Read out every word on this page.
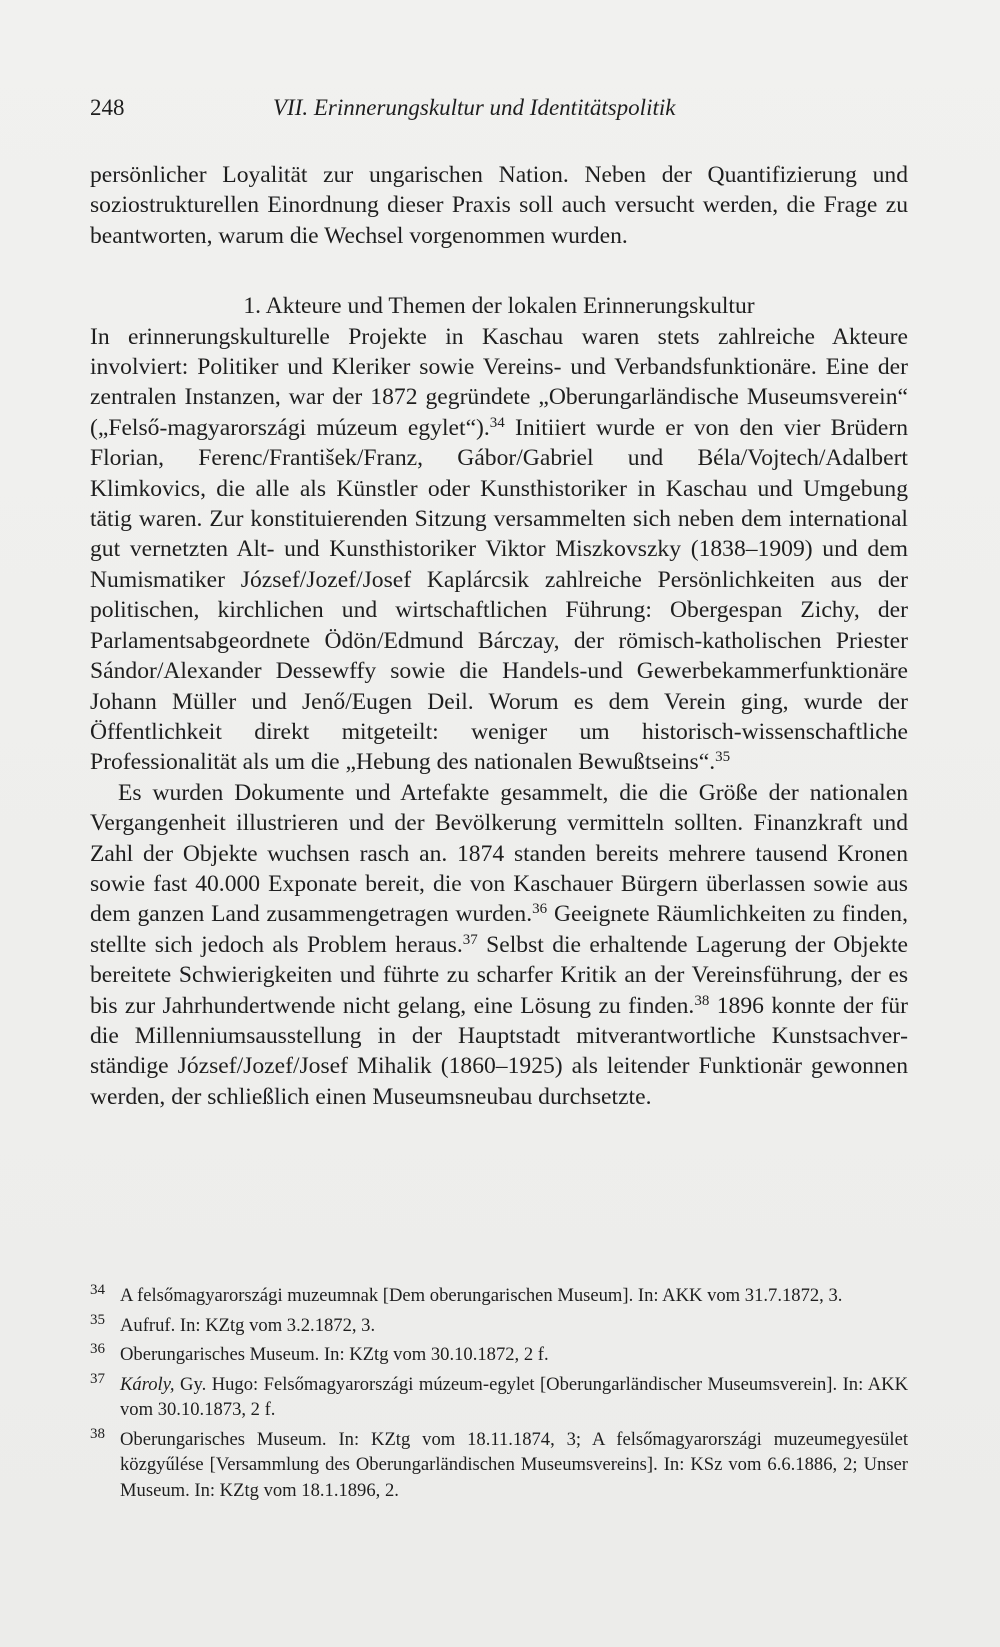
248	VII. Erinnerungskultur und Identitätspolitik

persönlicher Loyalität zur ungarischen Nation. Neben der Quantifizierung und soziostrukturellen Einordnung dieser Praxis soll auch versucht werden, die Frage zu beantworten, warum die Wechsel vorgenommen wurden.

1. Akteure und Themen der lokalen Erinnerungskultur

In erinnerungskulturelle Projekte in Kaschau waren stets zahlreiche Akteure involviert: Politiker und Kleriker sowie Vereins- und Verbandsfunktionäre. Eine der zentralen Instanzen, war der 1872 gegründete „Oberungarländische Museumsverein“ („Felső-magyarországi múzeum egylet“).$^{34}$ Initiiert wurde er von den vier Brüdern Florian, Ferenc/František/Franz, Gábor/Gabriel und Béla/Vojtech/Adalbert Klimkovics, die alle als Künstler oder Kunsthistoriker in Kaschau und Umgebung tätig waren. Zur konstituierenden Sitzung versammelten sich neben dem international gut vernetzten Alt- und Kunsthistoriker Viktor Miszkovszky (1838–1909) und dem Numismatiker József/Jozef/Josef Kaplárcsik zahlreiche Persönlichkeiten aus der politischen, kirchlichen und wirtschaftlichen Führung: Obergespan Zichy, der Parlamentsabgeordnete Ödön/Edmund Bárczay, der römisch-katholischen Priester Sándor/Alexander Dessewffy sowie die Handels-und Gewerbekammerfunktionäre Johann Müller und Jenő/Eugen Deil. Worum es dem Verein ging, wurde der Öffentlichkeit direkt mitgeteilt: weniger um historisch-wissenschaftliche Professionalität als um die „Hebung des nationalen Bewußtseins“.$^{35}$

Es wurden Dokumente und Artefakte gesammelt, die die Größe der nationalen Vergangenheit illustrieren und der Bevölkerung vermitteln sollten. Finanzkraft und Zahl der Objekte wuchsen rasch an. 1874 standen bereits mehrere tausend Kronen sowie fast 40.000 Exponate bereit, die von Kaschauer Bürgern überlassen sowie aus dem ganzen Land zusammengetragen wurden.$^{36}$ Geeignete Räumlichkeiten zu finden, stellte sich jedoch als Problem heraus.$^{37}$ Selbst die erhaltende Lagerung der Objekte bereitete Schwierigkeiten und führte zu scharfer Kritik an der Vereinsführung, der es bis zur Jahrhundertwende nicht gelang, eine Lösung zu finden.$^{38}$ 1896 konnte der für die Millenniumsausstellung in der Hauptstadt mitverantwortliche Kunstsachverständige József/Jozef/Josef Mihalik (1860–1925) als leitender Funktionär gewonnen werden, der schließlich einen Museumsneubau durchsetzte.

34 A felsőmagyarországi muzeumnak [Dem oberungarischen Museum]. In: AKK vom 31.7.1872, 3.
35 Aufruf. In: KZtg vom 3.2.1872, 3.
36 Oberungarisches Museum. In: KZtg vom 30.10.1872, 2 f.
37 Károly, Gy. Hugo: Felsőmagyarországi múzeum-egylet [Oberungarländischer Museumsverein]. In: AKK vom 30.10.1873, 2 f.
38 Oberungarisches Museum. In: KZtg vom 18.11.1874, 3; A felsőmagyarországi muzeumegyesület közgyűlése [Versammlung des Oberungarländischen Museumsvereins]. In: KSz vom 6.6.1886, 2; Unser Museum. In: KZtg vom 18.1.1896, 2.
